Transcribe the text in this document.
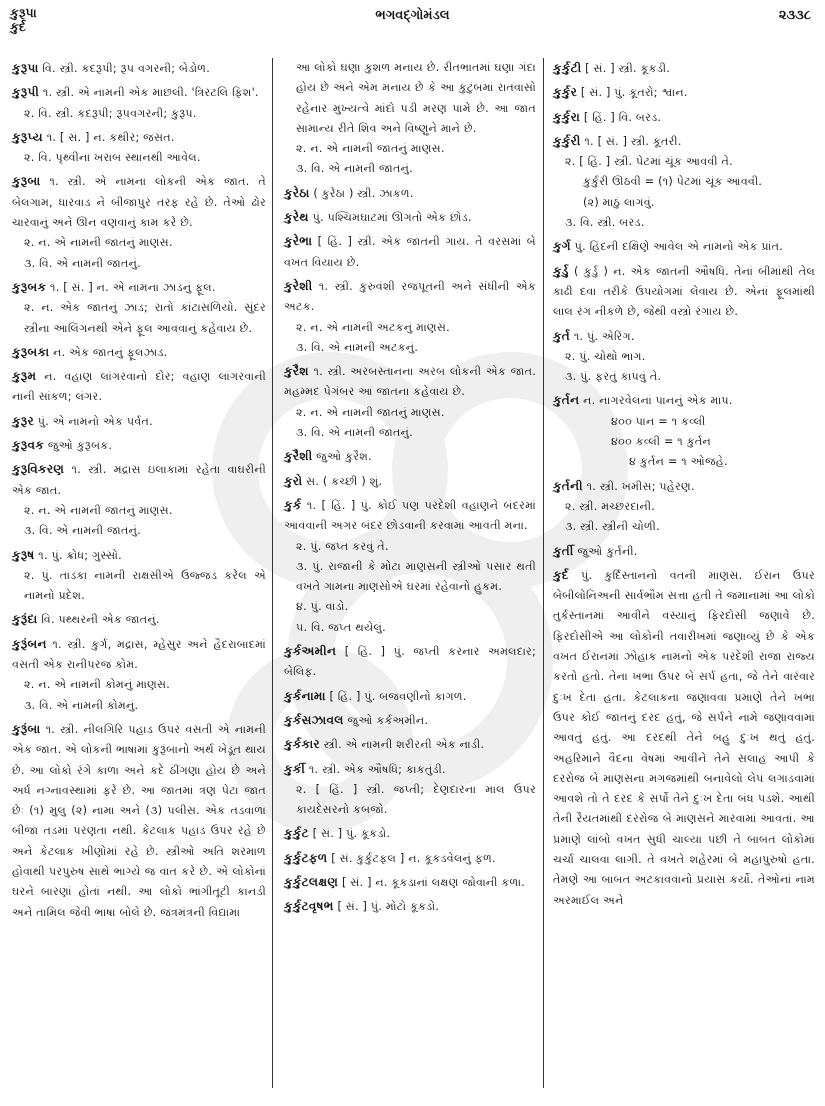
કુરૂપા
કુર્દ
ભગવદ્ગોમંડલ	૨૩૩૮
કુરૂપા વિ. સ્ત્રી. કદરૂપી; રૂપ વગરની; બેડોળ.
કુરૂપી ૧. સ્ત્રી. એ નામની એક માછલી. 'ત્રિરટલિ ફિશ'.
૨. વિ. સ્ત્રી. કદરૂપી; રૂપવગરની; કુરૂપ.
કુરૂપ્ય ૧. [ સં. ] ન. કથીર; જસત.
૨. વિ. પૃથ્વીના ખરાબ સ્થાનથી આવેલ.
કુરૂબા ૧. સ્ત્રી. એ નામના લોકની એક જાત. તે બેલગામ, ધારવાડ ને બીજાપુર તરફ રહે છે. તેઓ ઢોર ચારવાનું અને ઊન વણવાનું કામ કરે છે.
૨. ન. એ નામની જાતનું માણસ.
૩. વિ. એ નામની જાતનું.
કુરૂબક ૧. [ સં. ] ન. એ નામના ઝાડનું ફૂલ.
૨. ન. એક જાતનું ઝાડ; રાતો કાંટાસળિયો. સુંદર સ્ત્રીના આલિંગનથી એને ફૂલ આવવાનું કહેવાય છે.
કુરૂબકા ન. એક જાતનું ફૂલઝાડ.
કુરૂમ ન. વહાણ લાંગરવાનો દોર; વહાણ લાંગરવાની નાની સાંકળ; લંગર.
કુરૂર પું. એ નામનો એક પર્વત.
કુરૂવક જુઓ કુરૂબક.
કુરૂવિકરણ ૧. સ્ત્રી. મદ્રાસ ઇલાકામાં રહેતા વાઘરીની એક જાત.
૨. ન. એ નામની જાતનું માણસ.
૩. વિ. એ નામની જાતનું.
કુરૂષ ૧. પું. ક્રોધ; ગુસ્સો.
૨. પું. તાડકા નામની રાક્ષસીએ ઉજ્જડ કરેલ એ નામનો પ્રદેશ.
કુરૂંદા વિ. પથ્થરની એક જાતનું.
કુરૂંબન ૧. સ્ત્રી. કુર્ગ, મદ્રાસ, મ્હેસુર અને હૈદરાબાદમાં વસતી એક રાનીપરજ કોમ.
૨. ન. એ નામની કોમનું માણસ.
૩. વિ. એ નામની કોમનું.
કુરૂંબા ૧. સ્ત્રી. નીલગિરિ પહાડ ઉપર વસતી એ નામની એક જાત. એ લોકની ભાષામાં કુરૂંબાનો અર્થ ખેડૂત થાય છે. આ લોકો રંગે કાળા અને કદે ઠીંગણા હોય છે અને અર્ધ નગ્નાવસ્થામાં ફરે છે. આ જાતમાં ત્રણ પેટા જાત છેઃ (૧) મુલુ (૨) નામા અને (૩) પલીસ. એક તડવાળા બીજા તડમાં પરણતા નથી. કેટલાક પહાડ ઉપર રહે છે અને કેટલાક ખીણોમાં રહે છે. સ્ત્રીઓ અતિ શરમાળ હોવાથી પરપુરુષ સાથે ભાગ્યે જ વાત કરે છે. એ લોકોનાં ઘરને બારણાં હોતાં નથી. આ લોકો ભાંગીતૂટી કાનડી અને તામિલ જેવી ભાષા બોલે છે. જંત્રમંત્રની વિદ્યામાં
આ લોકો ઘણા કુશળ મનાય છે. રીતભાતમાં ઘણા ગંદા હોય છે અને એમ મનાય છે કે આ કુટુંબમાં રાતવાસો રહેનાર મુખ્યત્વે માંદો પડી મરણ પામે છે. આ જાત સામાન્ય રીતે શિવ અને વિષ્ણુને માને છે.
૨. ન. એ નામની જાતનું માણસ.
૩. વિ. એ નામની જાતનું.
કુરેઠા ( કુરેઠા ) સ્ત્રી. ઝાકળ.
કુરેથ પું. પશ્ચિમઘાટમાં ઊગતો એક છોડ.
કુરેભા [ હિં. ] સ્ત્રી. એક જાતની ગાય. તે વરસમાં બે વખત વિયાય છે.
કુરેશી ૧. સ્ત્રી. કુરુવંશી રજપૂતની અને સંધીની એક અટક.
૨. ન. એ નામની અટકનું માણસ.
૩. વિ. એ નામની અટકનું.
કુરૈશ ૧. સ્ત્રી. અરબસ્તાનના અરબ લોકની એક જાત. મહમ્મદ પેગંબર આ જાતના કહેવાય છે.
૨. ન. એ નામની જાતનું માણસ.
૩. વિ. એ નામની જાતનું.
કુરૈશી જુઓ કુરૈશ.
કુરો સ. ( કચ્છી ) શું.
કુર્ક ૧. [ હિં. ] પું. કોઈ પણ પરદેશી વહાણને બંદરમાં આવવાની અગર બંદર છોડવાની કરવામાં આવતી મના.
૨. પું. જપ્ત કરવું તે.
૩. પું. રાજાની કે મોટા માણસની સ્ત્રીઓ પસાર થતી વખતે ગામના માણસોએ ઘરમાં રહેવાનો હુકમ.
૪. પું. વાડો.
૫. વિ. જપ્ત થયેલું.
કુર્કઅમીન [ હિં. ] પું. જપ્તી કરનાર અમલદાર; બેલિફ.
કુર્કનામા [ હિં. ] પું. બજવણીનો કાગળ.
કુર્કસઝાવલ જુઓ કર્કઅમીન.
કુર્કકાર સ્ત્રી. એ નામની શરીરની એક નાડી.
કુર્કી ૧. સ્ત્રી. એક ઔષધિ; કાકતુંડી.
૨. [ હિં. ] સ્ત્રી. જપ્તી; દેણદારના માલ ઉપર કાયદેસરનો કબજો.
કુર્કુટ [ સં. ] પું. કૂકડો.
કુર્કુટફળ [ સં. કુર્કુટફલ ] ન. કૂકડવેલનું ફળ.
કુર્કુટલક્ષણ [ સં. ] ન. કૂકડાનાં લક્ષણ જોવાની કળા.
કુર્કુટવૃષભ [ સં. ] પું. મોટો કૂકડો.
કુર્કુટી [ સં. ] સ્ત્રી. કૂકડી.
કુર્કુર [ સં. ] પું. કૂતરો; શ્વાન.
કુર્કુરા [ હિં. ] વિ. બરડ.
કુર્કુરી ૧. [ સં. ] સ્ત્રી. કૂતરી.
૨. [ હિં. ] સ્ત્રી. પેટમાં ચૂંક આવવી તે.
કુર્કુરી ઊઠવી = (૧) પેટમાં ચૂંક આવવી.
(૨) માઠું લાગવું.
૩. વિ. સ્ત્રી. બરડ.
કુર્ગ પું. હિંદની દક્ષિણે આવેલ એ નામનો એક પ્રાંત.
કુર્ડુ ( કુર્ડુ ) ન. એક જાતની ઔષધિ. તેનાં બીમાંથી તેલ કાઢી દવા તરીકે ઉપયોગમાં લેવાય છે. એનાં ફૂલમાંથી લાલ રંગ નીકળે છે, જેથી વસ્ત્રો રંગાય છે.
કુર્ત ૧. પું. એરિંગ.
૨. પું. ચોથો ભાગ.
૩. પું. ફરતું કાપવું તે.
કુર્તન ન. નાગરવેલનાં પાનનું એક માપ.
૪૦૦ પાન = ૧ કવ્લી
૪૦૦ કવ્લી = ૧ કુર્તન
૪ કુર્તન = ૧ ઓજહે.
કુર્તની ૧. સ્ત્રી. ખમીસ; પહેરણ.
૨. સ્ત્રી. મચ્છરદાની.
૩. સ્ત્રી. સ્ત્રીની ચોળી.
કુર્તી જુઓ કુર્તની.
કુર્દ પું. કુર્દિસ્તાનનો વતની માણસ. ઈરાન ઉપર બેબીલોનિઅની સાર્વભૌમ સત્તા હતી તે જમાનામાં આ લોકો તુર્કસ્તાનમાં આવીને વસ્યાનું ફિરદોસી જણાવે છે. ફિરદોસીએ આ લોકોની તવારીખમાં જણાવ્યું છે કે એક વખત ઈરાનમાં ઝોહાક નામનો એક પરદેશી રાજા રાજ્ય કરતો હતો. તેના ખભા ઉપર બે સર્પ હતા, જે તેને વારંવાર દુઃખ દેતા હતા. કેટલાકના જણાવવા પ્રમાણે તેને ખભા ઉપર કોઈ જાતનું દરદ હતું, જે સર્પને નામે જણાવવામાં આવતું હતું. આ દરદથી તેને બહુ દુઃખ થતું હતું. અહરિમાને વૈદના વેષમાં આવીને તેને સલાહ આપી કે દરરોજ બે માણસના મગજમાંથી બનાવેલો લેપ લગાડવામાં આવશે તો તે દરદ કે સર્પો તેને દુઃખ દેતા બંધ પડશે. આથી તેની રૈયતમાંથી દરરોજ બે માણસને મારવામાં આવતાં. આ પ્રમાણે લાંબો વખત સુધી ચાલ્યા પછી તે બાબત લોકોમાં ચર્ચા ચાલવા લાગી. તે વખતે શહેરમાં બે મહાપુરુષો હતા. તેમણે આ બાબત અટકાવવાનો પ્રયાસ કર્યો. તેઓનાં નામ અરમાઈલ અને
